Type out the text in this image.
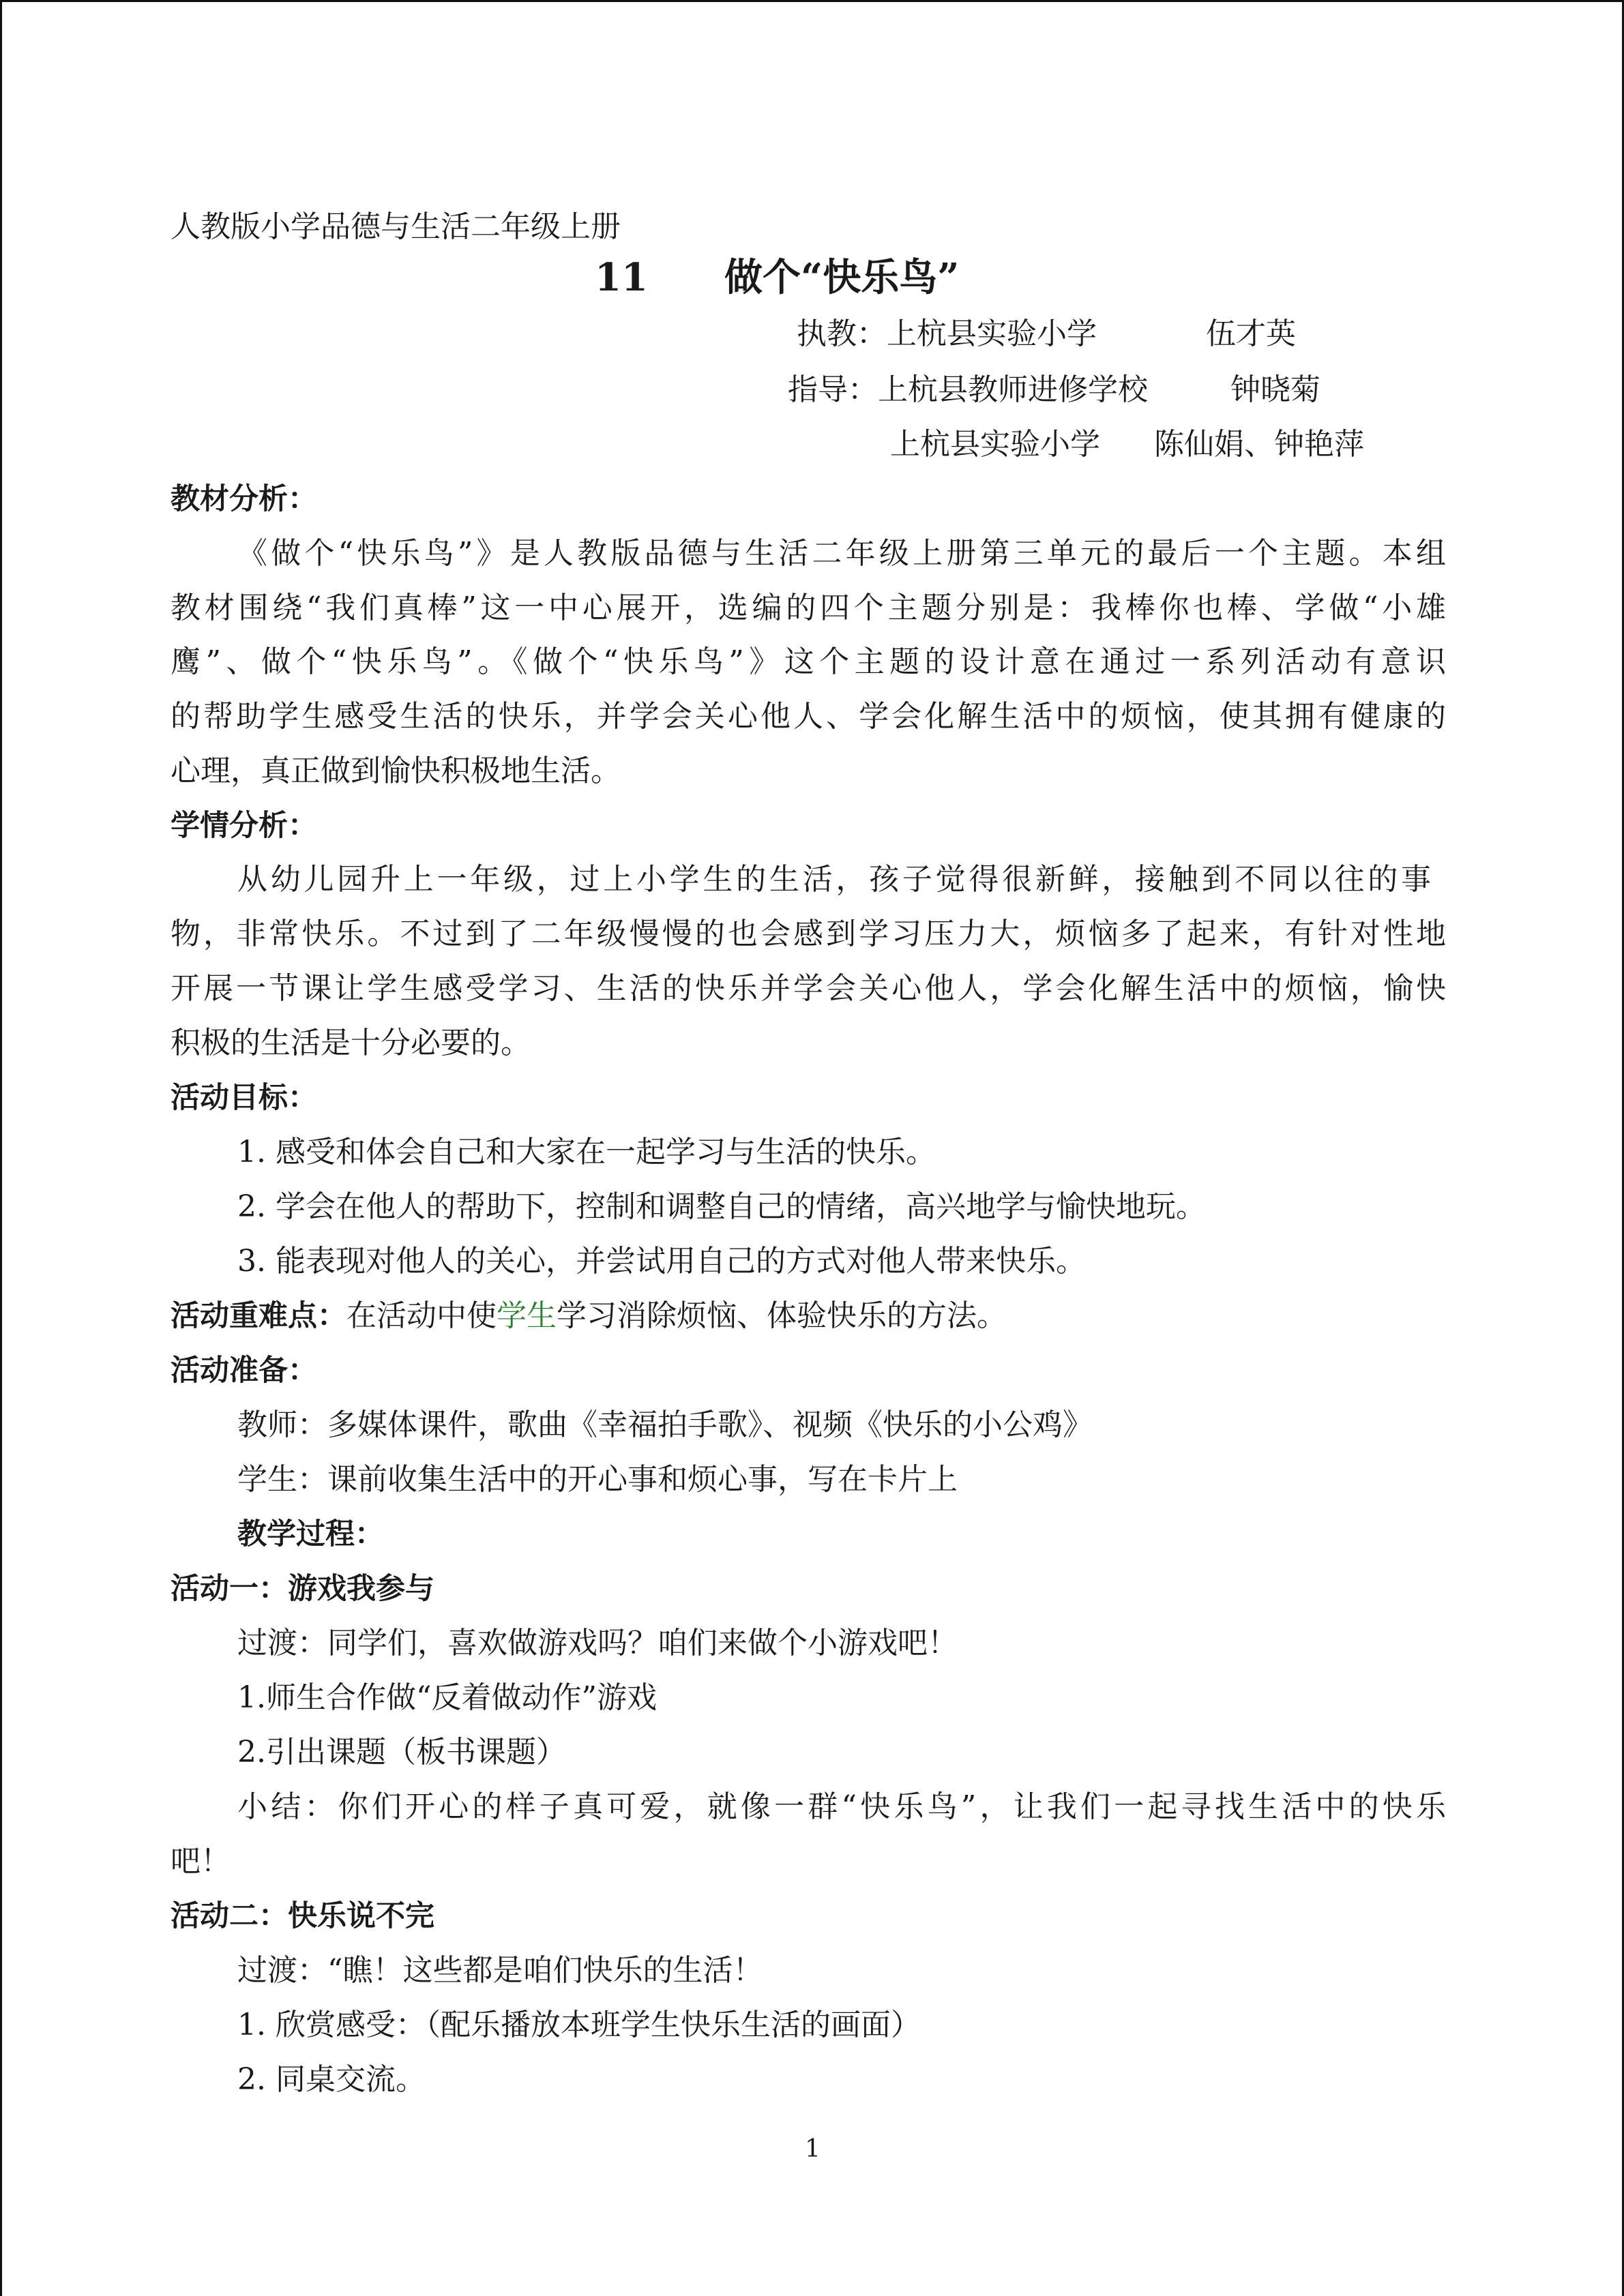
人教版小学品德与生活二年级上册
11 做个“快乐鸟”
执教：上杭县实验小学	伍才英
指导：上杭县教师进修学校	钟晓菊
上杭县实验小学 陈仙娟、钟艳萍
教材分析：
《做个“快乐鸟”》是人教版品德与生活二年级上册第三单元的最后一个主题。本组
教材围绕“我们真棒”这一中心展开，选编的四个主题分别是：我棒你也棒、学做“小雄
鹰”、做个“快乐鸟”。《做个“快乐鸟”》这个主题的设计意在通过一系列活动有意识
的帮助学生感受生活的快乐，并学会关心他人、学会化解生活中的烦恼，使其拥有健康的
心理，真正做到愉快积极地生活。
学情分析：
从幼儿园升上一年级，过上小学生的生活，孩子觉得很新鲜，接触到不同以往的事
物，非常快乐。不过到了二年级慢慢的也会感到学习压力大，烦恼多了起来，有针对性地
开展一节课让学生感受学习、生活的快乐并学会关心他人，学会化解生活中的烦恼，愉快
积极的生活是十分必要的。
活动目标：
1. 感受和体会自己和大家在一起学习与生活的快乐。
2. 学会在他人的帮助下，控制和调整自己的情绪，高兴地学与愉快地玩。
3. 能表现对他人的关心，并尝试用自己的方式对他人带来快乐。
活动重难点：在活动中使学生学习消除烦恼、体验快乐的方法。
活动准备：
教师：多媒体课件，歌曲《幸福拍手歌》、视频《快乐的小公鸡》
学生：课前收集生活中的开心事和烦心事，写在卡片上
教学过程：
活动一：游戏我参与
过渡：同学们，喜欢做游戏吗？咱们来做个小游戏吧！
1.师生合作做“反着做动作”游戏
2.引出课题（板书课题）
小结：你们开心的样子真可爱，就像一群“快乐鸟”，让我们一起寻找生活中的快乐
吧！
活动二：快乐说不完
过渡：“瞧！这些都是咱们快乐的生活！
1. 欣赏感受：（配乐播放本班学生快乐生活的画面）
2. 同桌交流。
1
